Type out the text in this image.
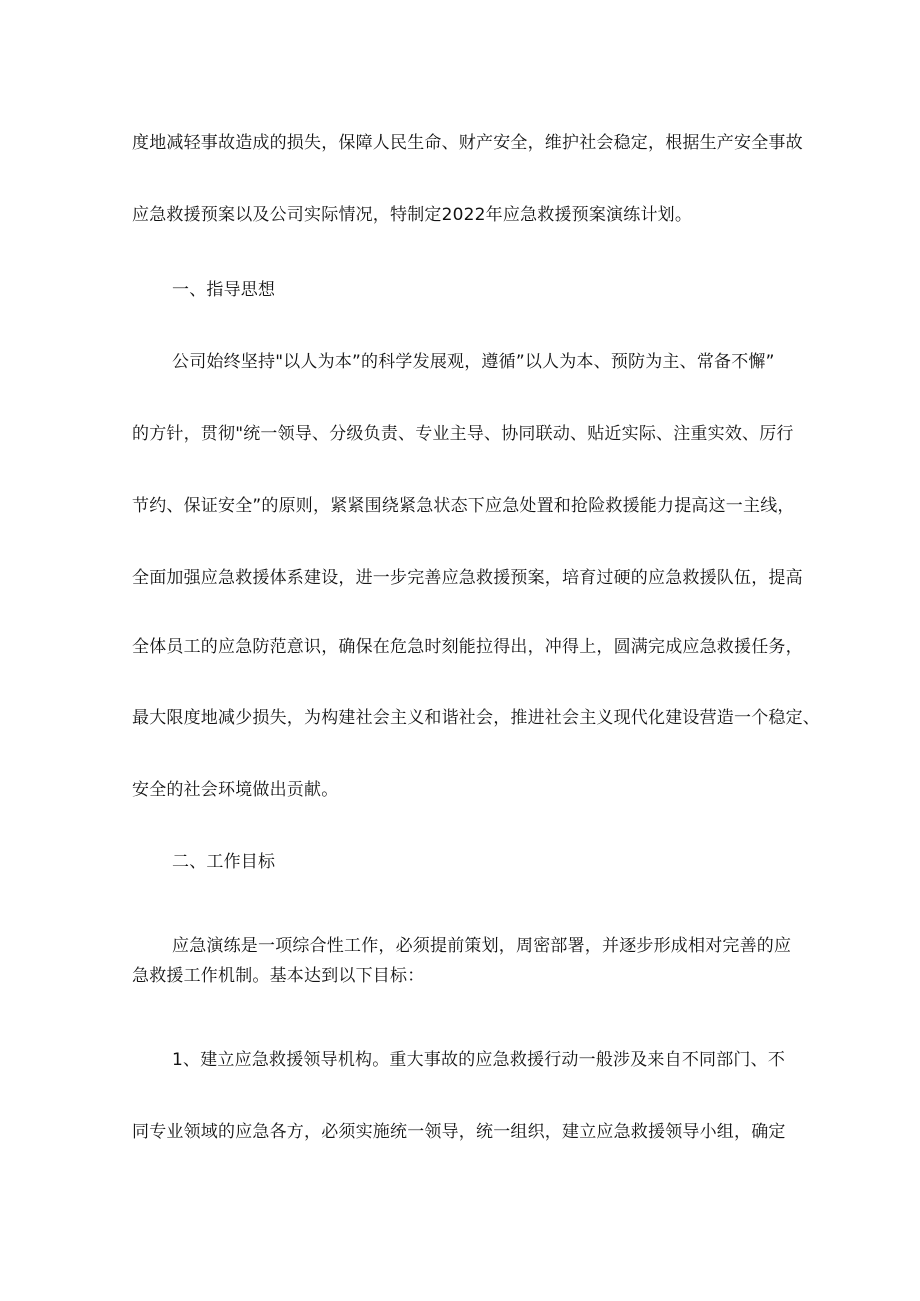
度地减轻事故造成的损失，保障人民生命、财产安全，维护社会稳定，根据生产安全事故
应急救援预案以及公司实际情况，特制定2022年应急救援预案演练计划。
一、指导思想
公司始终坚持"以人为本”的科学发展观，遵循”以人为本、预防为主、常备不懈”
的方针，贯彻"统一领导、分级负责、专业主导、协同联动、贴近实际、注重实效、厉行
节约、保证安全”的原则，紧紧围绕紧急状态下应急处置和抢险救援能力提高这一主线，
全面加强应急救援体系建设，进一步完善应急救援预案，培育过硬的应急救援队伍，提高
全体员工的应急防范意识，确保在危急时刻能拉得出，冲得上，圆满完成应急救援任务，
最大限度地减少损失，为构建社会主义和谐社会，推进社会主义现代化建设营造一个稳定、
安全的社会环境做出贡献。
二、工作目标
应急演练是一项综合性工作，必须提前策划，周密部署，并逐步形成相对完善的应
急救援工作机制。基本达到以下目标：
1、建立应急救援领导机构。重大事故的应急救援行动一般涉及来自不同部门、不
同专业领域的应急各方，必须实施统一领导，统一组织，建立应急救援领导小组，确定
